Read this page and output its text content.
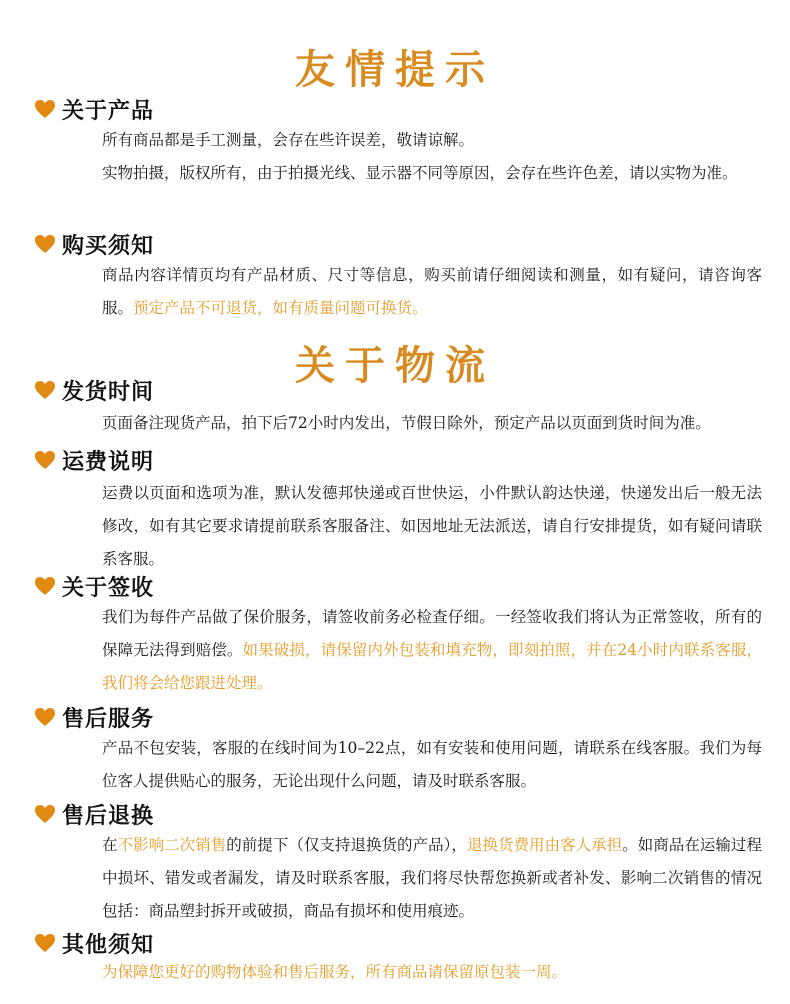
友情提示
关于产品
所有商品都是手工测量，会存在些许误差，敬请谅解。
实物拍摄，版权所有，由于拍摄光线、显示器不同等原因，会存在些许色差，请以实物为准。
购买须知
商品内容详情页均有产品材质、尺寸等信息，购买前请仔细阅读和测量，如有疑问，请咨询客服。预定产品不可退货，如有质量问题可换货。
关于物流
发货时间
页面备注现货产品，拍下后72小时内发出，节假日除外，预定产品以页面到货时间为准。
运费说明
运费以页面和选项为准，默认发德邦快递或百世快运，小件默认韵达快递，快递发出后一般无法修改，如有其它要求请提前联系客服备注、如因地址无法派送，请自行安排提货，如有疑问请联系客服。
关于签收
我们为每件产品做了保价服务，请签收前务必检查仔细。一经签收我们将认为正常签收，所有的保障无法得到赔偿。如果破损，请保留内外包装和填充物，即刻拍照，并在24小时内联系客服，我们将会给您跟进处理。
售后服务
产品不包安装，客服的在线时间为10–22点，如有安装和使用问题，请联系在线客服。我们为每位客人提供贴心的服务，无论出现什么问题，请及时联系客服。
售后退换
在不影响二次销售的前提下（仅支持退换货的产品），退换货费用由客人承担。如商品在运输过程中损坏、错发或者漏发，请及时联系客服，我们将尽快帮您换新或者补发、影响二次销售的情况包括：商品塑封拆开或破损，商品有损坏和使用痕迹。
其他须知
为保障您更好的购物体验和售后服务，所有商品请保留原包装一周。
